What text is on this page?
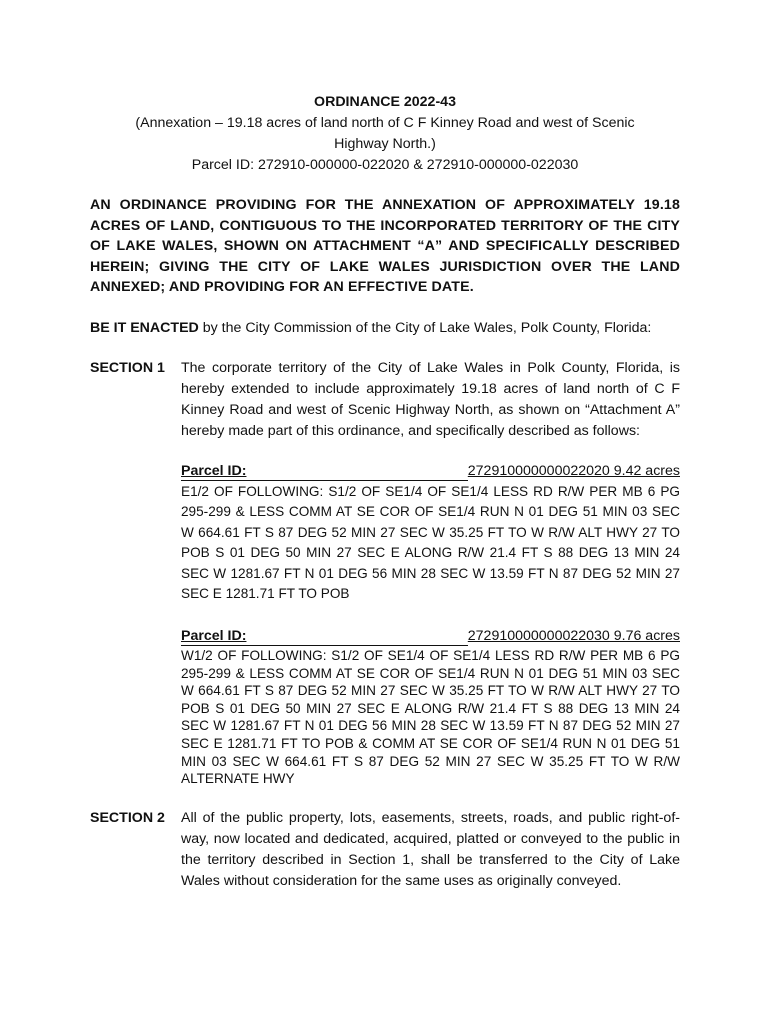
ORDINANCE 2022-43
(Annexation – 19.18 acres of land north of C F Kinney Road and west of Scenic
Highway North.)
Parcel ID: 272910-000000-022020 & 272910-000000-022030
AN ORDINANCE PROVIDING FOR THE ANNEXATION OF APPROXIMATELY 19.18 ACRES OF LAND, CONTIGUOUS TO THE INCORPORATED TERRITORY OF THE CITY OF LAKE WALES, SHOWN ON ATTACHMENT “A” AND SPECIFICALLY DESCRIBED HEREIN; GIVING THE CITY OF LAKE WALES JURISDICTION OVER THE LAND ANNEXED; AND PROVIDING FOR AN EFFECTIVE DATE.
BE IT ENACTED by the City Commission of the City of Lake Wales, Polk County, Florida:
SECTION 1 The corporate territory of the City of Lake Wales in Polk County, Florida, is hereby extended to include approximately 19.18 acres of land north of C F Kinney Road and west of Scenic Highway North, as shown on “Attachment A” hereby made part of this ordinance, and specifically described as follows:
Parcel ID:	272910000000022020 9.42 acres
E1/2 OF FOLLOWING: S1/2 OF SE1/4 OF SE1/4 LESS RD R/W PER MB 6 PG 295-299 & LESS COMM AT SE COR OF SE1/4 RUN N 01 DEG 51 MIN 03 SEC W 664.61 FT S 87 DEG 52 MIN 27 SEC W 35.25 FT TO W R/W ALT HWY 27 TO POB S 01 DEG 50 MIN 27 SEC E ALONG R/W 21.4 FT S 88 DEG 13 MIN 24 SEC W 1281.67 FT N 01 DEG 56 MIN 28 SEC W 13.59 FT N 87 DEG 52 MIN 27 SEC E 1281.71 FT TO POB
Parcel ID:	272910000000022030 9.76 acres
W1/2 OF FOLLOWING: S1/2 OF SE1/4 OF SE1/4 LESS RD R/W PER MB 6 PG 295-299 & LESS COMM AT SE COR OF SE1/4 RUN N 01 DEG 51 MIN 03 SEC W 664.61 FT S 87 DEG 52 MIN 27 SEC W 35.25 FT TO W R/W ALT HWY 27 TO POB S 01 DEG 50 MIN 27 SEC E ALONG R/W 21.4 FT S 88 DEG 13 MIN 24 SEC W 1281.67 FT N 01 DEG 56 MIN 28 SEC W 13.59 FT N 87 DEG 52 MIN 27 SEC E 1281.71 FT TO POB & COMM AT SE COR OF SE1/4 RUN N 01 DEG 51 MIN 03 SEC W 664.61 FT S 87 DEG 52 MIN 27 SEC W 35.25 FT TO W R/W ALTERNATE HWY
SECTION 2 All of the public property, lots, easements, streets, roads, and public right-of-way, now located and dedicated, acquired, platted or conveyed to the public in the territory described in Section 1, shall be transferred to the City of Lake Wales without consideration for the same uses as originally conveyed.
